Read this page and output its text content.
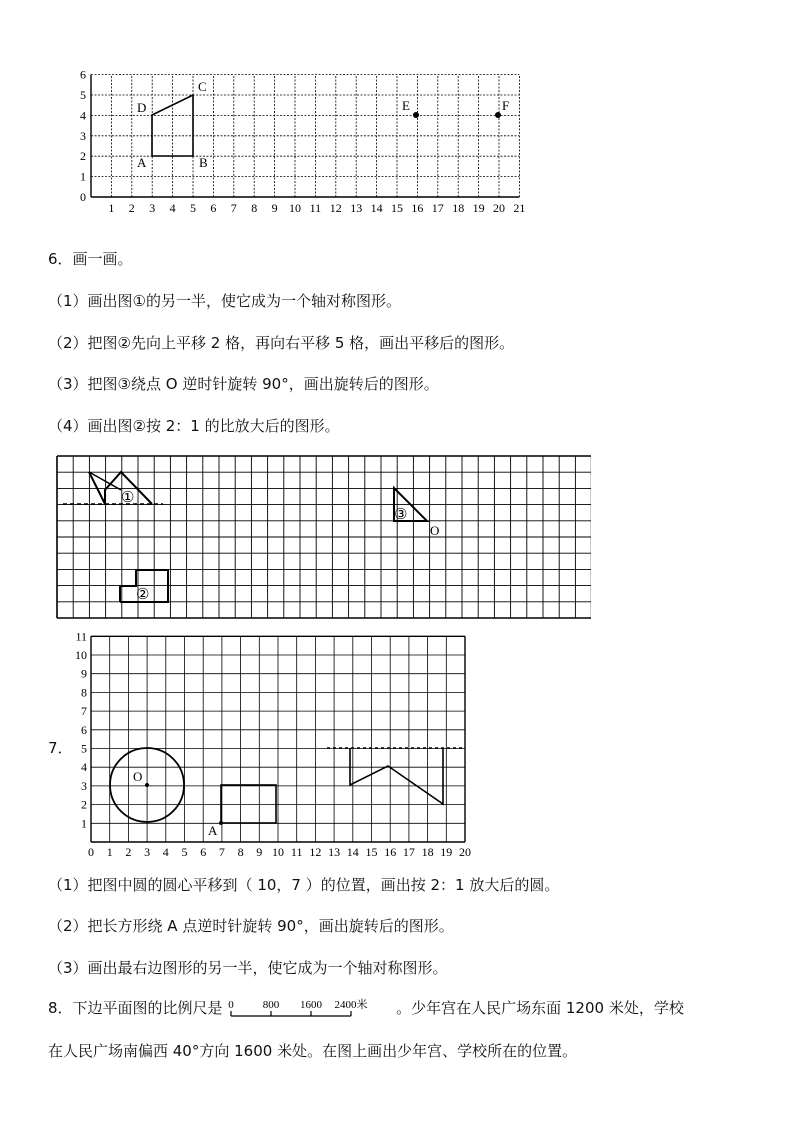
1 2 3 4 5 6 7 8 9 10 11 12 13 14 15 16 17 18 19 20 21
0
1
2
3
4
5
6
A	B
C
D	E	F
6．画一画。
（1）画出图①的另一半，使它成为一个轴对称图形。
（2）把图②先向上平移 2 格，再向右平移 5 格，画出平移后的图形。
（3）把图③绕点 O 逆时针旋转 90°，画出旋转后的图形。
（4）画出图②按 2：1 的比放大后的图形。
①
③
O
②
7．
0 1 2 3 4 5 6 7 8 9 10 11 12 13 14 15 16 17 18 19 20
1
2
3
4
5
6
7
8
9
10
11
O
A
（1）把图中圆的圆心平移到（ 10，7 ）的位置，画出按 2：1 放大后的圆。
（2）把长方形绕 A 点逆时针旋转 90°，画出旋转后的图形。
（3）画出最右边图形的另一半，使它成为一个轴对称图形。
8．下边平面图的比例尺是 0	800 1600 2400米 。少年宫在人民广场东面 1200 米处，学校
在人民广场南偏西 40°方向 1600 米处。在图上画出少年宫、学校所在的位置。
